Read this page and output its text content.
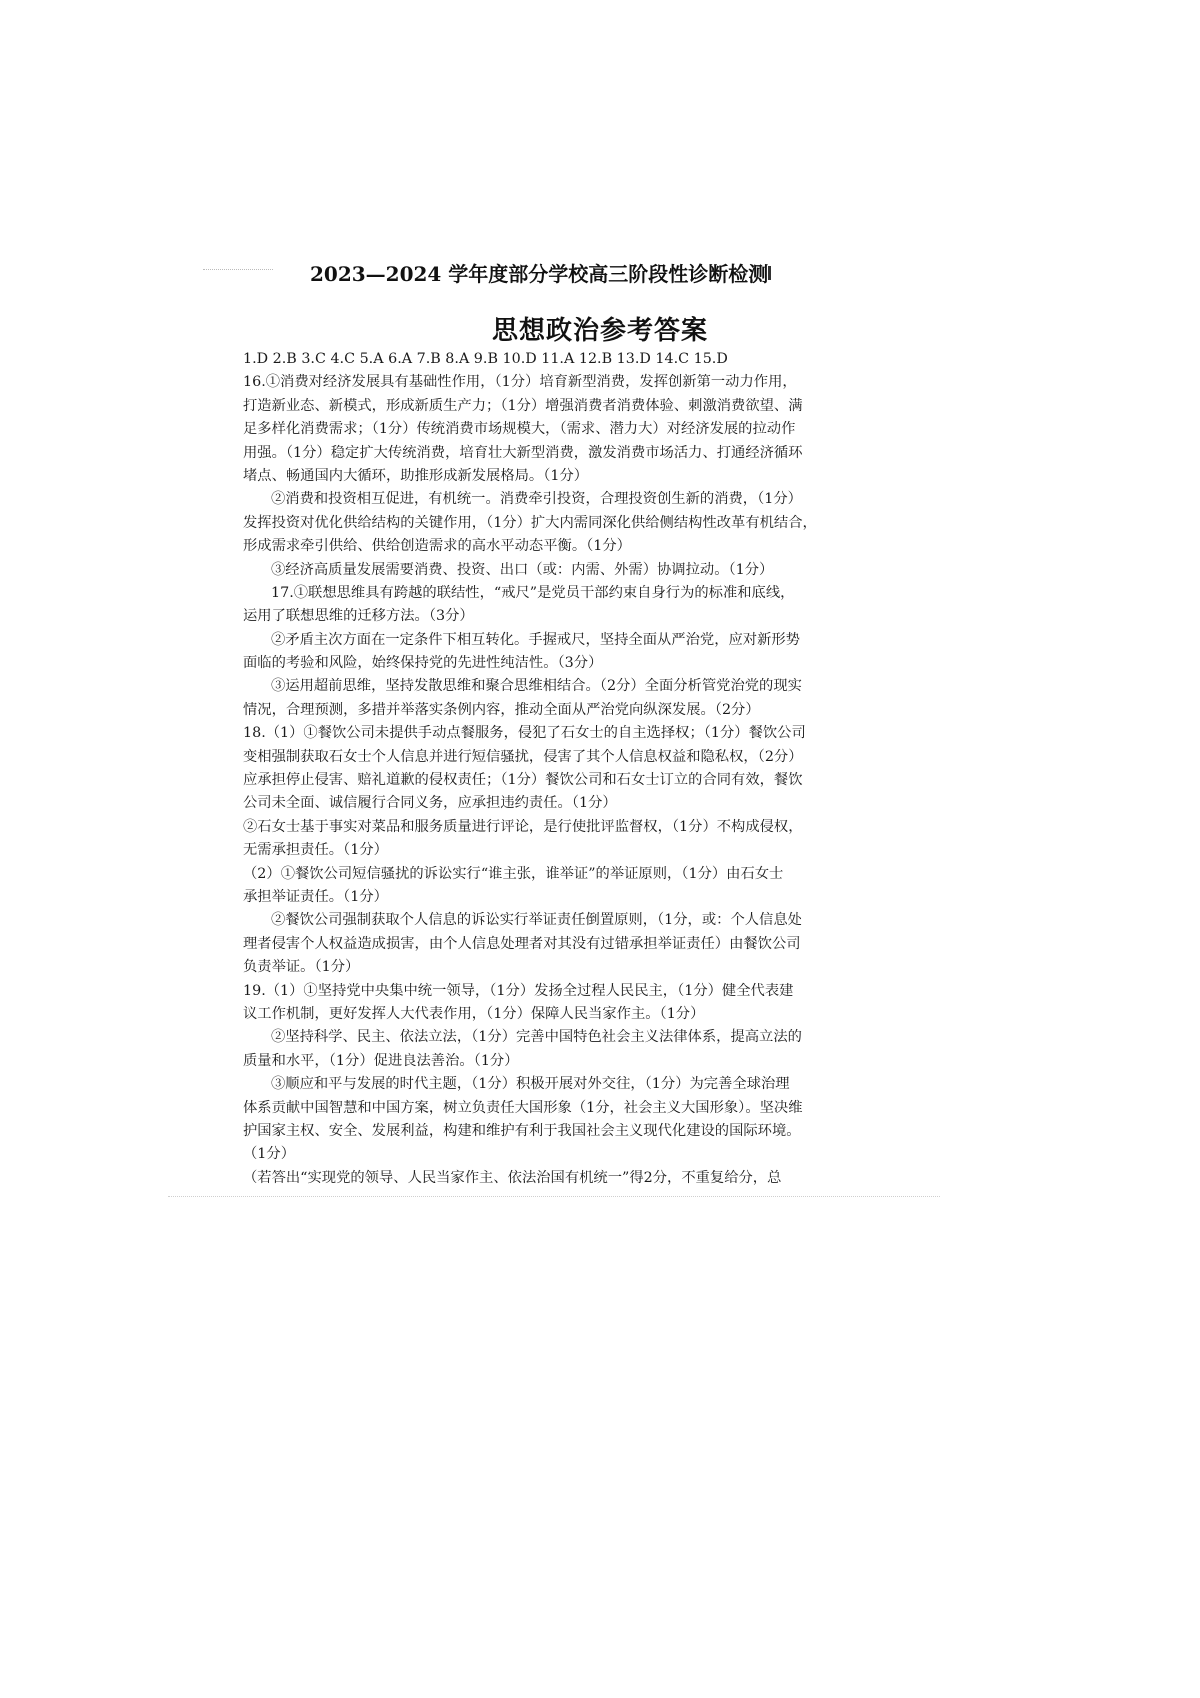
2023—2024 学年度部分学校高三阶段性诊断检测
思想政治参考答案
1.D 2.B 3.C 4.C 5.A 6.A 7.B 8.A 9.B 10.D 11.A 12.B 13.D 14.C 15.D
16.①消费对经济发展具有基础性作用，（1分）培育新型消费，发挥创新第一动力作用，
打造新业态、新模式，形成新质生产力；（1分）增强消费者消费体验、刺激消费欲望、满
足多样化消费需求；（1分）传统消费市场规模大，（需求、潜力大）对经济发展的拉动作
用强。（1分）稳定扩大传统消费，培育壮大新型消费，激发消费市场活力、打通经济循环
堵点、畅通国内大循环，助推形成新发展格局。（1分）
②消费和投资相互促进，有机统一。消费牵引投资，合理投资创生新的消费，（1分）
发挥投资对优化供给结构的关键作用，（1分）扩大内需同深化供给侧结构性改革有机结合，
形成需求牵引供给、供给创造需求的高水平动态平衡。（1分）
③经济高质量发展需要消费、投资、出口（或：内需、外需）协调拉动。（1分）
17.①联想思维具有跨越的联结性，“戒尺”是党员干部约束自身行为的标准和底线，
运用了联想思维的迁移方法。（3分）
②矛盾主次方面在一定条件下相互转化。手握戒尺，坚持全面从严治党，应对新形势
面临的考验和风险，始终保持党的先进性纯洁性。（3分）
③运用超前思维，坚持发散思维和聚合思维相结合。（2分）全面分析管党治党的现实
情况，合理预测，多措并举落实条例内容，推动全面从严治党向纵深发展。（2分）
18.（1）①餐饮公司未提供手动点餐服务，侵犯了石女士的自主选择权；（1分）餐饮公司
变相强制获取石女士个人信息并进行短信骚扰，侵害了其个人信息权益和隐私权，（2分）
应承担停止侵害、赔礼道歉的侵权责任；（1分）餐饮公司和石女士订立的合同有效，餐饮
公司未全面、诚信履行合同义务，应承担违约责任。（1分）
②石女士基于事实对菜品和服务质量进行评论，是行使批评监督权，（1分）不构成侵权，
无需承担责任。（1分）
（2）①餐饮公司短信骚扰的诉讼实行“谁主张，谁举证”的举证原则，（1分）由石女士
承担举证责任。（1分）
②餐饮公司强制获取个人信息的诉讼实行举证责任倒置原则，（1分，或：个人信息处
理者侵害个人权益造成损害，由个人信息处理者对其没有过错承担举证责任）由餐饮公司
负责举证。（1分）
19.（1）①坚持党中央集中统一领导，（1分）发扬全过程人民民主，（1分）健全代表建
议工作机制，更好发挥人大代表作用，（1分）保障人民当家作主。（1分）
②坚持科学、民主、依法立法，（1分）完善中国特色社会主义法律体系，提高立法的
质量和水平，（1分）促进良法善治。（1分）
③顺应和平与发展的时代主题，（1分）积极开展对外交往，（1分）为完善全球治理
体系贡献中国智慧和中国方案，树立负责任大国形象（1分，社会主义大国形象）。坚决维
护国家主权、安全、发展利益，构建和维护有利于我国社会主义现代化建设的国际环境。
（1分）
（若答出“实现党的领导、人民当家作主、依法治国有机统一”得2分，不重复给分，总
